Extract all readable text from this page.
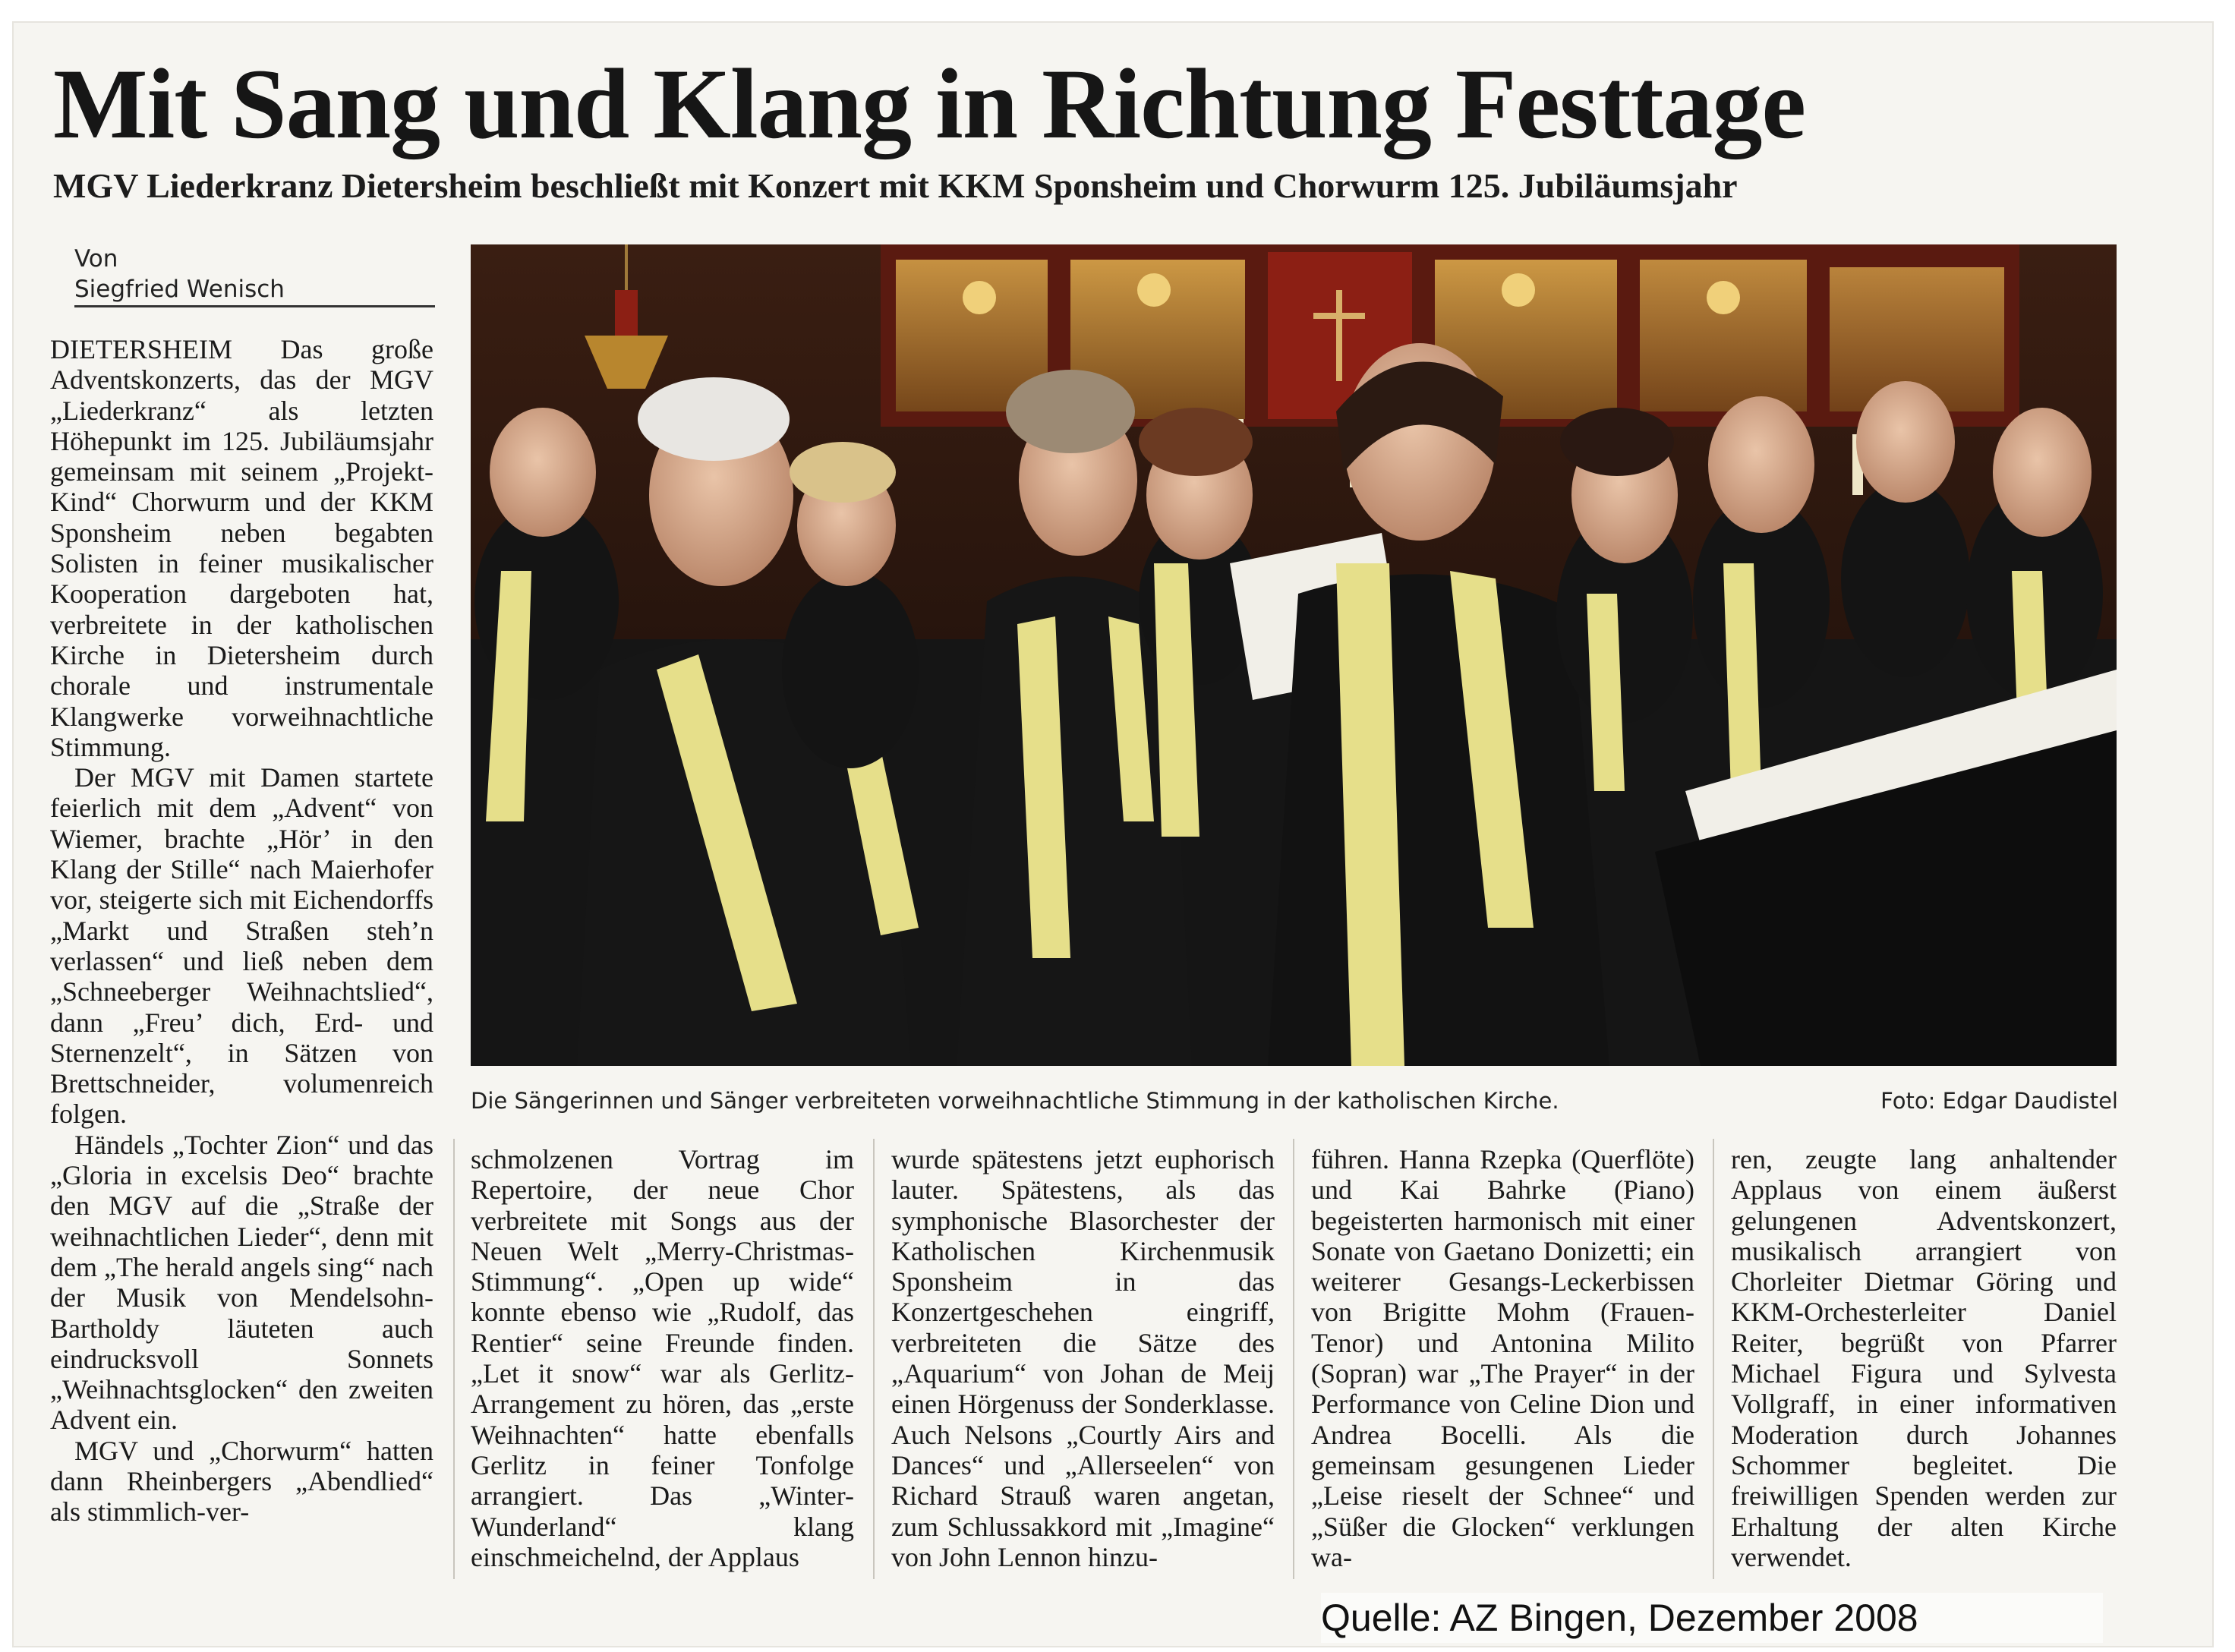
Mit Sang und Klang in Richtung Festtage
MGV Liederkranz Dietersheim beschließt mit Konzert mit KKM Sponsheim und Chorwurm 125. Jubiläumsjahr
Von
Siegfried Wenisch

DIETERSHEIM Das große Adventskonzerts, das der MGV „Liederkranz“ als letzten Höhepunkt im 125. Jubiläumsjahr gemeinsam mit seinem „Projekt-Kind“ Chorwurm und der KKM Sponsheim neben begabten Solisten in feiner musikalischer Kooperation dargeboten hat, verbreitete in der katholischen Kirche in Dietersheim durch chorale und instrumentale Klangwerke vorweihnachtliche Stimmung.

Der MGV mit Damen startete feierlich mit dem „Advent“ von Wiemer, brachte „Hör’ in den Klang der Stille“ nach Maierhofer vor, steigerte sich mit Eichendorffs „Markt und Straßen steh’n verlassen“ und ließ neben dem „Schneeberger Weihnachtslied“, dann „Freu’ dich, Erd- und Sternenzelt“, in Sätzen von Brettschneider, volumenreich folgen.

Händels „Tochter Zion“ und das „Gloria in excelsis Deo“ brachte den MGV auf die „Straße der weihnachtlichen Lieder“, denn mit dem „The herald angels sing“ nach der Musik von Mendelsohn-Bartholdy läuteten auch eindrucksvoll Sonnets „Weihnachtsglocken“ den zweiten Advent ein.

MGV und „Chorwurm“ hatten dann Rheinbergers „Abendlied“ als stimmlich-ver-

Die Sängerinnen und Sänger verbreiteten vorweihnachtliche Stimmung in der katholischen Kirche.	Foto: Edgar Daudistel

schmolzenen Vortrag im Repertoire, der neue Chor verbreitete mit Songs aus der Neuen Welt „Merry-Christmas-Stimmung“. „Open up wide“ konnte ebenso wie „Rudolf, das Rentier“ seine Freunde finden. „Let it snow“ war als Gerlitz-Arrangement zu hören, das „erste Weihnachten“ hatte ebenfalls Gerlitz in feiner Tonfolge arrangiert. Das „Winter-Wunderland“ klang einschmeichelnd, der Applaus

wurde spätestens jetzt euphorisch lauter. Spätestens, als das symphonische Blasorchester der Katholischen Kirchenmusik Sponsheim in das Konzertgeschehen eingriff, verbreiteten die Sätze des „Aquarium“ von Johan de Meij einen Hörgenuss der Sonderklasse. Auch Nelsons „Courtly Airs and Dances“ und „Allerseelen“ von Richard Strauß waren angetan, zum Schlussakkord mit „Imagine“ von John Lennon hinzu-

führen. Hanna Rzepka (Querflöte) und Kai Bahrke (Piano) begeisterten harmonisch mit einer Sonate von Gaetano Donizetti; ein weiterer Gesangs-Leckerbissen von Brigitte Mohm (Frauen-Tenor) und Antonina Milito (Sopran) war „The Prayer“ in der Performance von Celine Dion und Andrea Bocelli. Als die gemeinsam gesungenen Lieder „Leise rieselt der Schnee“ und „Süßer die Glocken“ verklungen wa-

ren, zeugte lang anhaltender Applaus von einem äußerst gelungenen Adventskonzert, musikalisch arrangiert von Chorleiter Dietmar Göring und KKM-Orchesterleiter Daniel Reiter, begrüßt von Pfarrer Michael Figura und Sylvesta Vollgraff, in einer informativen Moderation durch Johannes Schommer begleitet. Die freiwilligen Spenden werden zur Erhaltung der alten Kirche verwendet.

Quelle: AZ Bingen, Dezember 2008
